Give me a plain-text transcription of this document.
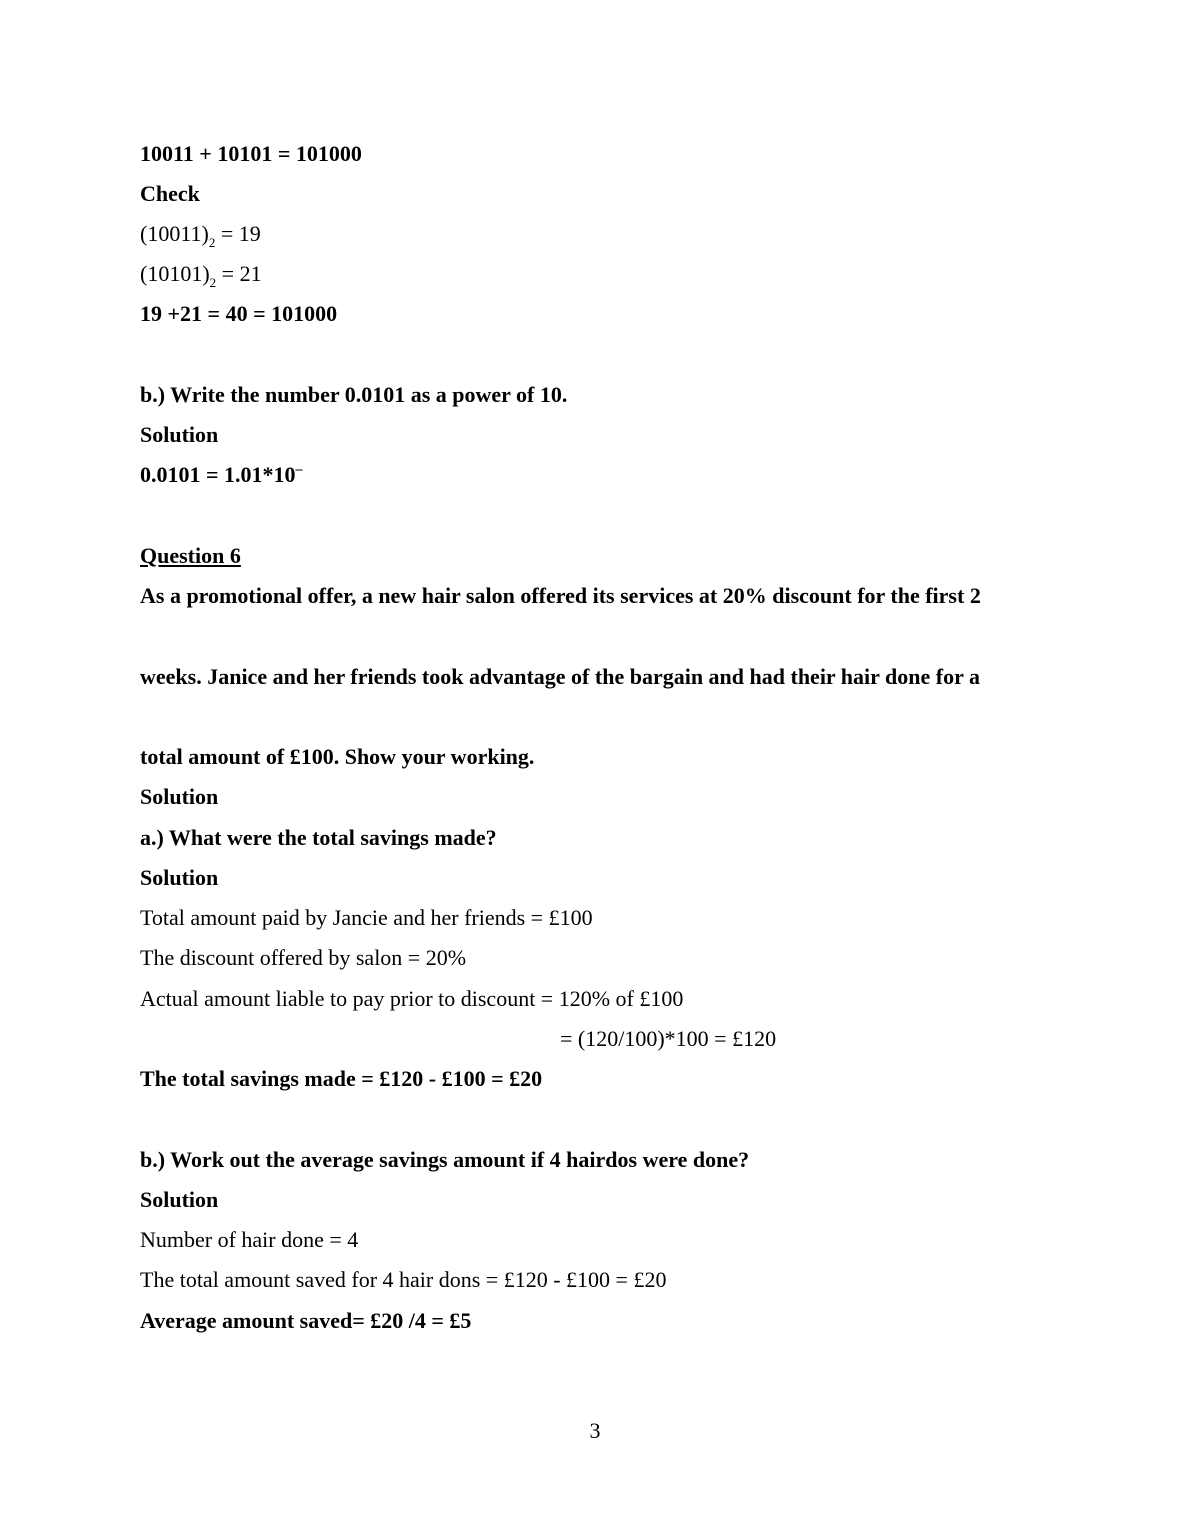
10011 + 10101 = 101000
Check
$(10011)_2 = 19$
$(10101)_2 = 21$
19 +21 = 40 = 101000
b.) Write the number 0.0101 as a power of 10.
Solution
0.0101 = 1.01*10–
Question 6
As a promotional offer, a new hair salon offered its services at 20% discount for the first 2
weeks. Janice and her friends took advantage of the bargain and had their hair done for a
total amount of £100. Show your working.
Solution
a.) What were the total savings made?
Solution
Total amount paid by Jancie and her friends = £100
The discount offered by salon = 20%
Actual amount liable to pay prior to discount = 120% of £100
= (120/100)*100 = £120
The total savings made = £120 - £100 = £20
b.) Work out the average savings amount if 4 hairdos were done?
Solution
Number of hair done = 4
The total amount saved for 4 hair dons = £120 - £100 = £20
Average amount saved= £20 /4 = £5
3
